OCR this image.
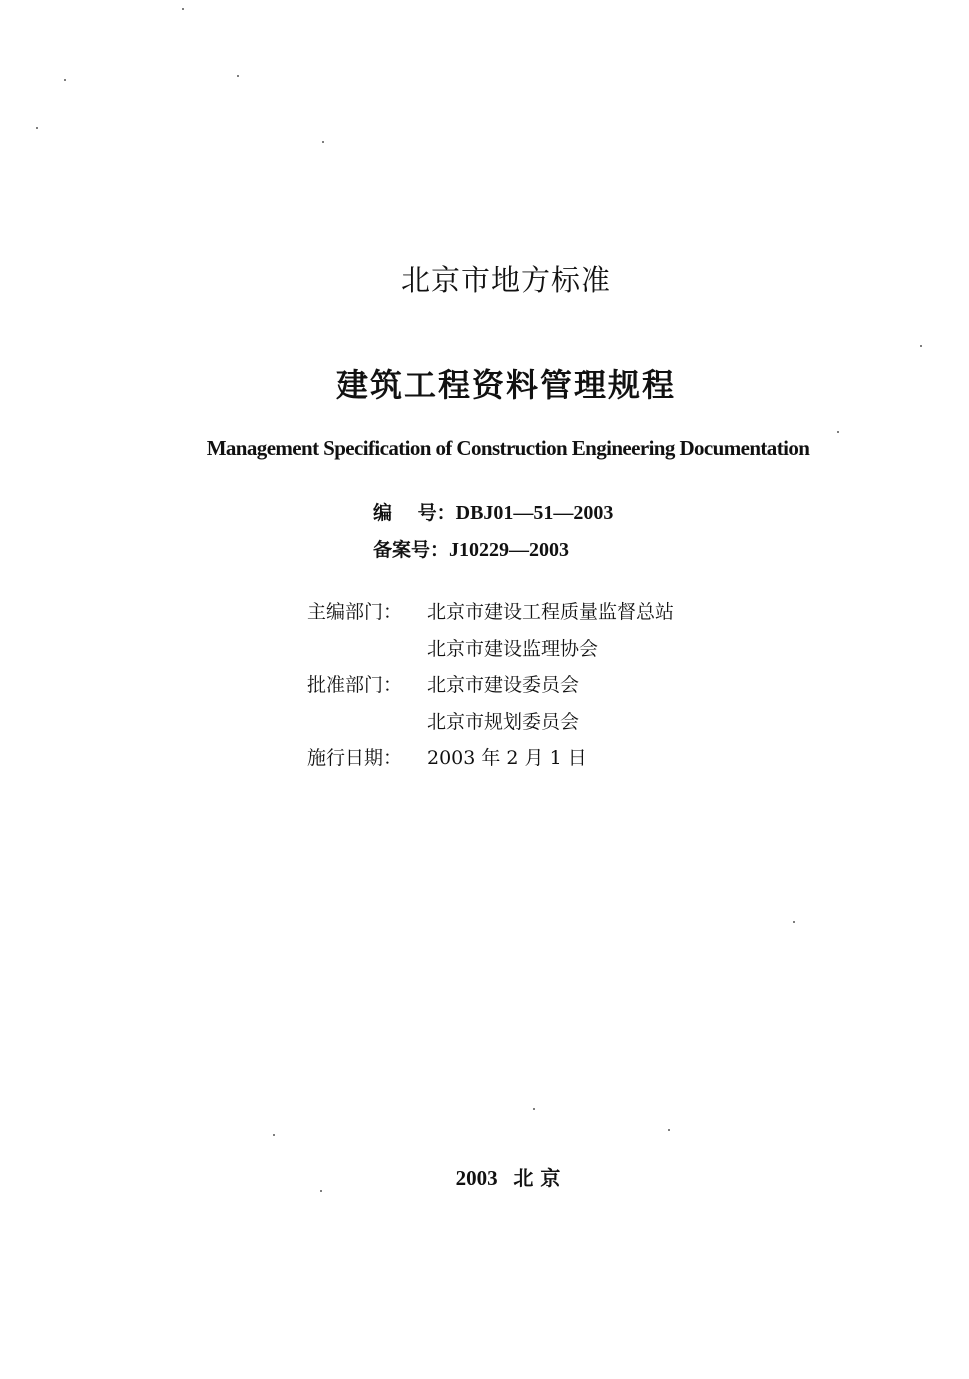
北京市地方标准
建筑工程资料管理规程
Management Specification of Construction Engineering Documentation
编　 号：DBJ01—51—2003
备案号：J10229—2003
主编部门： 北京市建设工程质量监督总站
北京市建设监理协会
批准部门： 北京市建设委员会
北京市规划委员会
施行日期： 2003 年 2 月 1 日
2003 北 京
